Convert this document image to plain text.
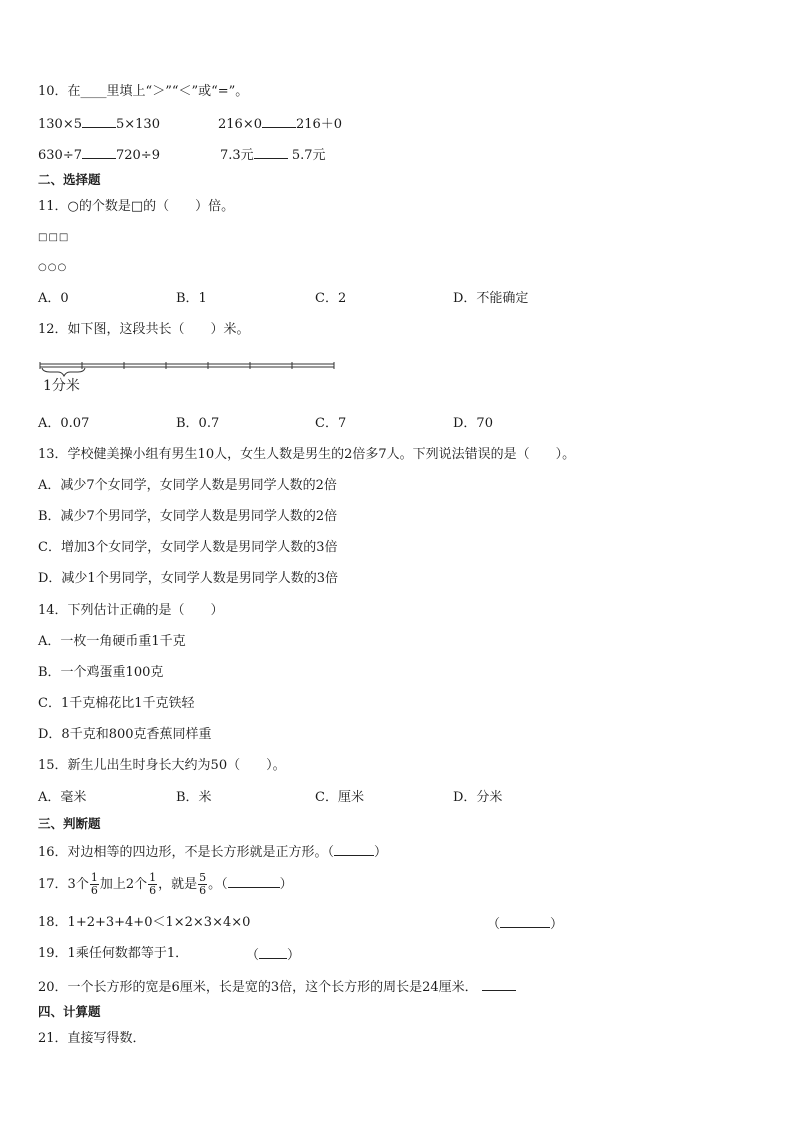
10．在____里填上“＞”“＜”或“=”。
130×5	5×130	216×0	216＋0
630÷7	720÷9	7.3元	5.7元
二、选择题
11．○的个数是□的（　　）倍。
□□□
○○○
A．0	B．1	C．2	D．不能确定
12．如下图，这段共长（　　）米。
1分米
A．0.07	B．0.7	C．7	D．70
13．学校健美操小组有男生10人，女生人数是男生的2倍多7人。下列说法错误的是（　　）。
A．减少7个女同学，女同学人数是男同学人数的2倍
B．减少7个男同学，女同学人数是男同学人数的2倍
C．增加3个女同学，女同学人数是男同学人数的3倍
D．减少1个男同学，女同学人数是男同学人数的3倍
14．下列估计正确的是（　　）
A．一枚一角硬币重1千克
B．一个鸡蛋重100克
C．1千克棉花比1千克铁轻
D．8千克和800克香蕉同样重
15．新生儿出生时身长大约为50（　　）。
A．毫米	B．米	C．厘米	D．分米
三、判断题
16．对边相等的四边形，不是长方形就是正方形。（	）
17．3个 $\frac{1}{6}$ 加上2个 $\frac{1}{6}$ ，就是 $\frac{5}{6}$ 。（	）
18．1+2+3+4+0＜1×2×3×4×0	（	）
19．1乘任何数都等于1．	（ ）
20．一个长方形的宽是6厘米，长是宽的3倍，这个长方形的周长是24厘米．
四、计算题
21．直接写得数．
